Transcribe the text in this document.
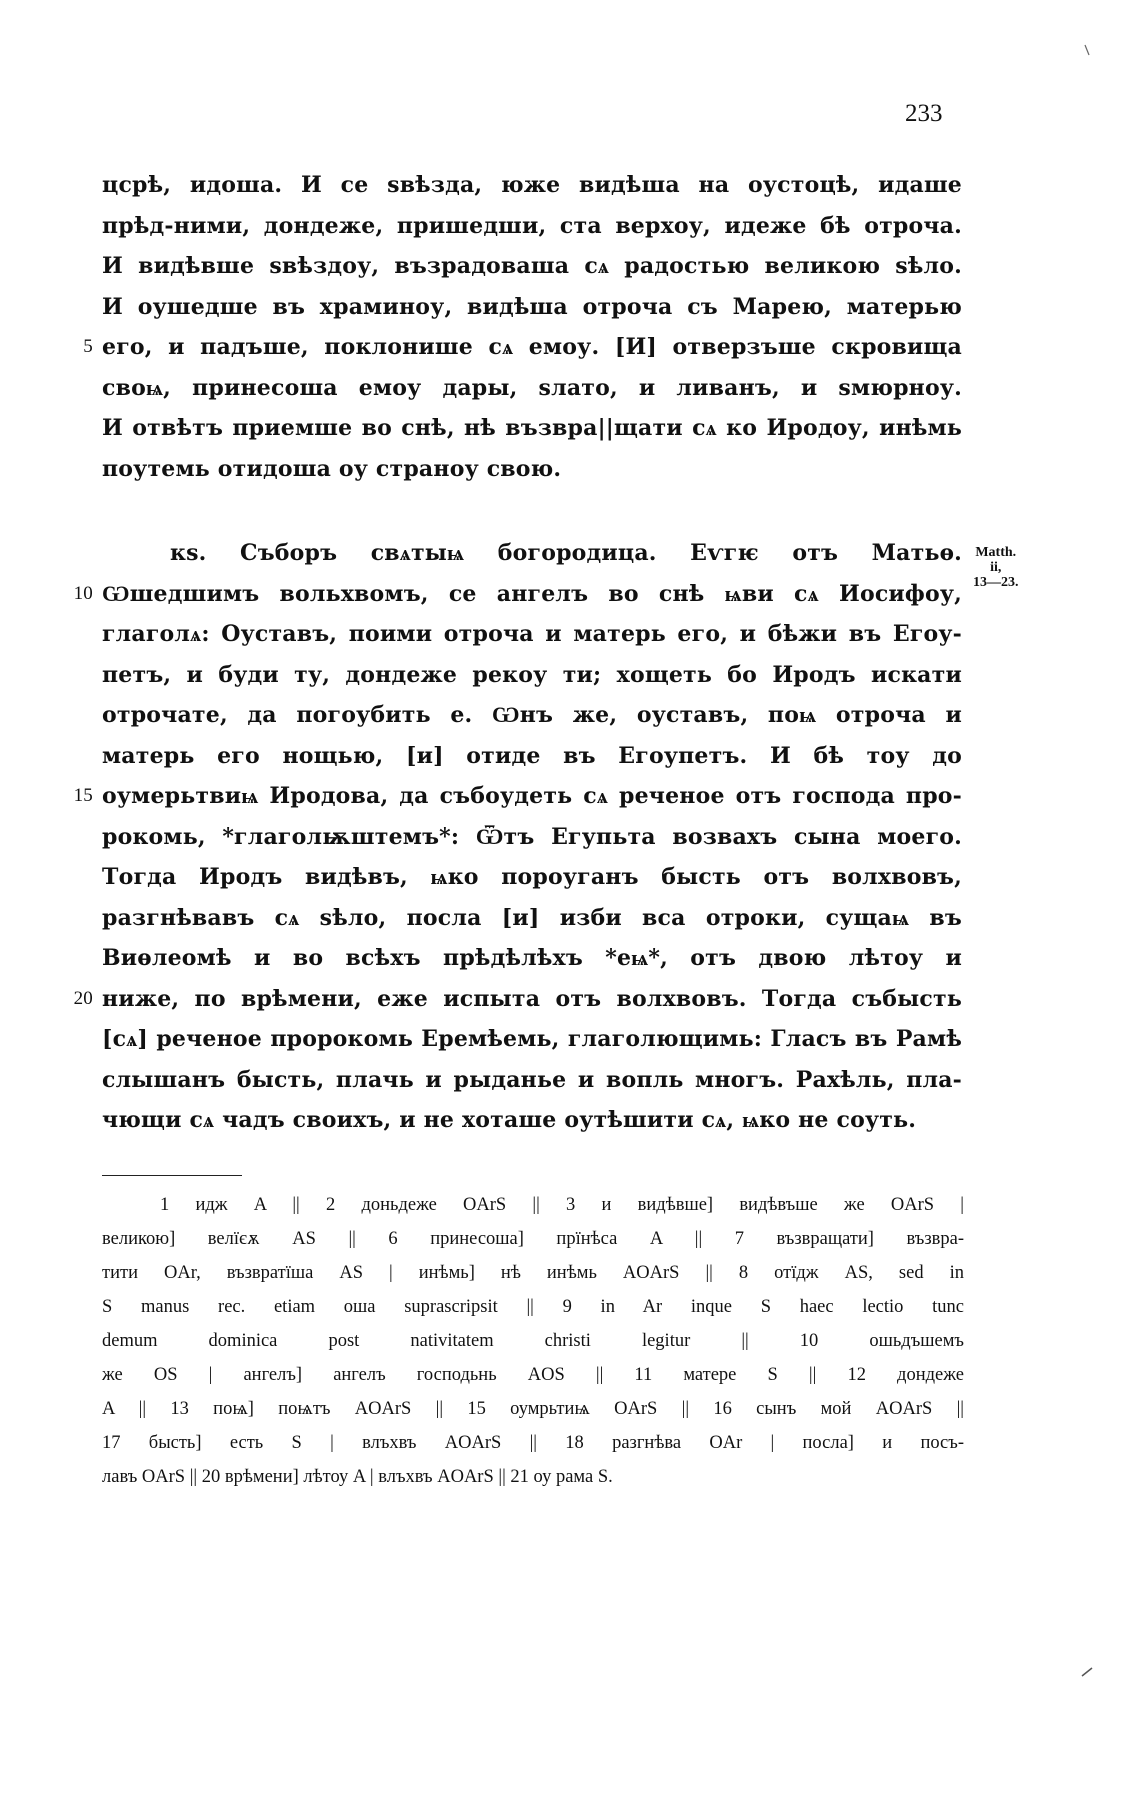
233
цсрѣ, идоша. И се ѕвѣзда, юже видѣша на оустоцѣ, идаше
прѣд-ними, дондеже, пришедши, ста верхоу, идеже бѣ отроча.
И видѣвше ѕвѣздоу, възрадоваша сѧ радостью великою ѕѣло.
И оушедше въ храминоу, видѣша отроча съ Марею, матерью
5 его, и падъше, поклонише сѧ емоу. [И] отверзъше скровища
своѩ, принесоша емоу дары, ѕлато, и ливанъ, и ѕмюрноу.
И отвѣтъ приемше во снѣ, нѣ възвра||щати сѧ ко Иродоу, инѣмь
поутемь отидоша оу страноу свою.
кѕ. Съборъ свѧтыѩ богородица. Еѵгѥ отъ Матьѳ.
10 Ѡшедшимъ вольхвомъ, се ангелъ во снѣ ѩви сѧ Иосифоу,
глаголѧ: Оуставъ, поими отроча и матерь его, и бѣжи въ Егоу-
петъ, и буди ту, дондеже рекоу ти; хощеть бо Иродъ искати
отрочате, да погоубить е. Ѡнъ же, оуставъ, поѩ отроча и
матерь его нощью, [и] отиде въ Егоупетъ. И бѣ тоу до
15 оумерьтвиѩ Иродова, да събоудеть сѧ реченое отъ господа про-
рокомь, *глаголѭштемъ*: Ѿтъ Егупьта возвахъ сына моего.
Тогда Иродъ видѣвъ, ѩко пороуганъ бысть отъ волхвовъ,
разгнѣвавъ сѧ ѕѣло, посла [и] изби вса отроки, сущаѩ въ
Виѳлеомѣ и во всѣхъ прѣдѣлѣхъ *еѩ*, отъ двою лѣтоу и
20 ниже, по врѣмени, еже испыта отъ волхвовъ. Тогда събысть
[сѧ] реченое пророкомь Еремѣемь, глаголющимь: Гласъ въ Рамѣ
слышанъ бысть, плачь и рыданье и вопль многъ. Рахѣль, пла-
чющи сѧ чадъ своихъ, и не хоташе оутѣшити сѧ, ѩко не соуть.
Matth.
ii,
13—23.
1 идж A || 2 доньдеже OArS || 3 и видѣвше] видѣвъше же OArS |
великою] велїєѫ AS || 6 принесоша] прїнѣса A || 7 възвращати] възвра-
тити OAr, възвратїша AS | инѣмь] нѣ инѣмь AOArS || 8 отїдж AS, sed in
S manus rec. etiam оша suprascripsit || 9 in Ar inque S haec lectio tunc
demum dominica post nativitatem christi legitur || 10 ошьдъшемъ
же OS | ангелъ] ангелъ господьнь AOS || 11 матере S || 12 дондеже
A || 13 поѩ] поѩтъ AOArS || 15 оумрьтиѩ OArS || 16 сынъ мой AOArS ||
17 бысть] есть S | влъхвъ AOArS || 18 разгнѣва OAr | посла] и посъ-
лавъ OArS || 20 врѣмени] лѣтоу A | влъхвъ AOArS || 21 оу рама S.
